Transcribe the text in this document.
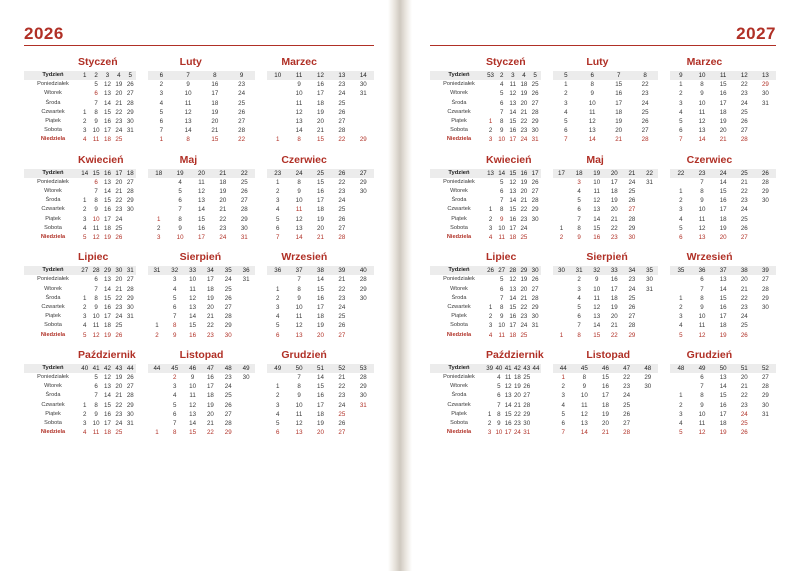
2026
Styczeń	Luty	Marzec
Tydzień	1	2	3	4	5
Poniedziałek		5	12	19	26
Wtorek		6	13	20	27
Środa		7	14	21	28
Czwartek	1	8	15	22	29
Piątek	2	9	16	23	30
Sobota	3	10	17	24	31
Niedziela	4	11	18	25	
	6	7	8	9
	2	9	16	23
	3	10	17	24
	4	11	18	25
	5	12	19	26
	6	13	20	27
	7	14	21	28
	1	8	15	22
	10	11	12	13	14
		9	16	23	30
		10	17	24	31
		11	18	25	
		12	19	26	
		13	20	27	
		14	21	28	
	1	8	15	22	29
Kwiecień	Maj	Czerwiec
Tydzień	14	15	16	17	18
Poniedziałek		6	13	20	27
Wtorek		7	14	21	28
Środa	1	8	15	22	29
Czwartek	2	9	16	23	30
Piątek	3	10	17	24	
Sobota	4	11	18	25	
Niedziela	5	12	19	26	
	18	19	20	21	22
		4	11	18	25
		5	12	19	26
		6	13	20	27
		7	14	21	28
	1	8	15	22	29
	2	9	16	23	30
	3	10	17	24	31
	23	24	25	26	27
	1	8	15	22	29
	2	9	16	23	30
	3	10	17	24	
	4	11	18	25	
	5	12	19	26	
	6	13	20	27	
	7	14	21	28	
Lipiec	Sierpień	Wrzesień
Tydzień	27	28	29	30	31
Poniedziałek		6	13	20	27
Wtorek		7	14	21	28
Środa	1	8	15	22	29
Czwartek	2	9	16	23	30
Piątek	3	10	17	24	31
Sobota	4	11	18	25	
Niedziela	5	12	19	26	
	31	32	33	34	35	36
		3	10	17	24	31
		4	11	18	25	
		5	12	19	26	
		6	13	20	27	
		7	14	21	28	
	1	8	15	22	29	
	2	9	16	23	30	
	36	37	38	39	40
		7	14	21	28
	1	8	15	22	29
	2	9	16	23	30
	3	10	17	24	
	4	11	18	25	
	5	12	19	26	
	6	13	20	27	
Październik	Listopad	Grudzień
Tydzień	40	41	42	43	44
Poniedziałek		5	12	19	26
Wtorek		6	13	20	27
Środa		7	14	21	28
Czwartek	1	8	15	22	29
Piątek	2	9	16	23	30
Sobota	3	10	17	24	31
Niedziela	4	11	18	25	
	44	45	46	47	48	49
		2	9	16	23	30
		3	10	17	24	
		4	11	18	25	
		5	12	19	26	
		6	13	20	27	
		7	14	21	28	
	1	8	15	22	29	
	49	50	51	52	53
		7	14	21	28
	1	8	15	22	29
	2	9	16	23	30
	3	10	17	24	31
	4	11	18	25	
	5	12	19	26	
	6	13	20	27	
2027
Styczeń	Luty	Marzec
Tydzień	53	2	3	4	5
Poniedziałek		4	11	18	25
Wtorek		5	12	19	26
Środa		6	13	20	27
Czwartek		7	14	21	28
Piątek	1	8	15	22	29
Sobota	2	9	16	23	30
Niedziela	3	10	17	24	31
	5	6	7	8
	1	8	15	22
	2	9	16	23
	3	10	17	24
	4	11	18	25
	5	12	19	26
	6	13	20	27
	7	14	21	28
	9	10	11	12	13
	1	8	15	22	29
	2	9	16	23	30
	3	10	17	24	31
	4	11	18	25	
	5	12	19	26	
	6	13	20	27	
	7	14	21	28	
Kwiecień	Maj	Czerwiec
Tydzień	13	14	15	16	17
Poniedziałek		5	12	19	26
Wtorek		6	13	20	27
Środa		7	14	21	28
Czwartek	1	8	15	22	29
Piątek	2	9	16	23	30
Sobota	3	10	17	24	
Niedziela	4	11	18	25	
	17	18	19	20	21	22
		3	10	17	24	31
		4	11	18	25	
		5	12	19	26	
		6	13	20	27	
		7	14	21	28	
	1	8	15	22	29	
	2	9	16	23	30	
	22	23	24	25	26
		7	14	21	28
	1	8	15	22	29
	2	9	16	23	30
	3	10	17	24	
	4	11	18	25	
	5	12	19	26	
	6	13	20	27	
Lipiec	Sierpień	Wrzesień
Tydzień	26	27	28	29	30
Poniedziałek		5	12	19	26
Wtorek		6	13	20	27
Środa		7	14	21	28
Czwartek	1	8	15	22	29
Piątek	2	9	16	23	30
Sobota	3	10	17	24	31
Niedziela	4	11	18	25	
	30	31	32	33	34	35
		2	9	16	23	30
		3	10	17	24	31
		4	11	18	25	
		5	12	19	26	
		6	13	20	27	
		7	14	21	28	
	1	8	15	22	29	
	35	36	37	38	39
		6	13	20	27
		7	14	21	28
	1	8	15	22	29
	2	9	16	23	30
	3	10	17	24	
	4	11	18	25	
	5	12	19	26	
Październik	Listopad	Grudzień
Tydzień	39	40	41	42	43	44
Poniedziałek		4	11	18	25	
Wtorek		5	12	19	26	
Środa		6	13	20	27	
Czwartek		7	14	21	28	
Piątek	1	8	15	22	29	
Sobota	2	9	16	23	30	
Niedziela	3	10	17	24	31	
	44	45	46	47	48
	1	8	15	22	29
	2	9	16	23	30
	3	10	17	24	
	4	11	18	25	
	5	12	19	26	
	6	13	20	27	
	7	14	21	28	
	48	49	50	51	52
		6	13	20	27
		7	14	21	28
	1	8	15	22	29
	2	9	16	23	30
	3	10	17	24	31
	4	11	18	25	
	5	12	19	26	
